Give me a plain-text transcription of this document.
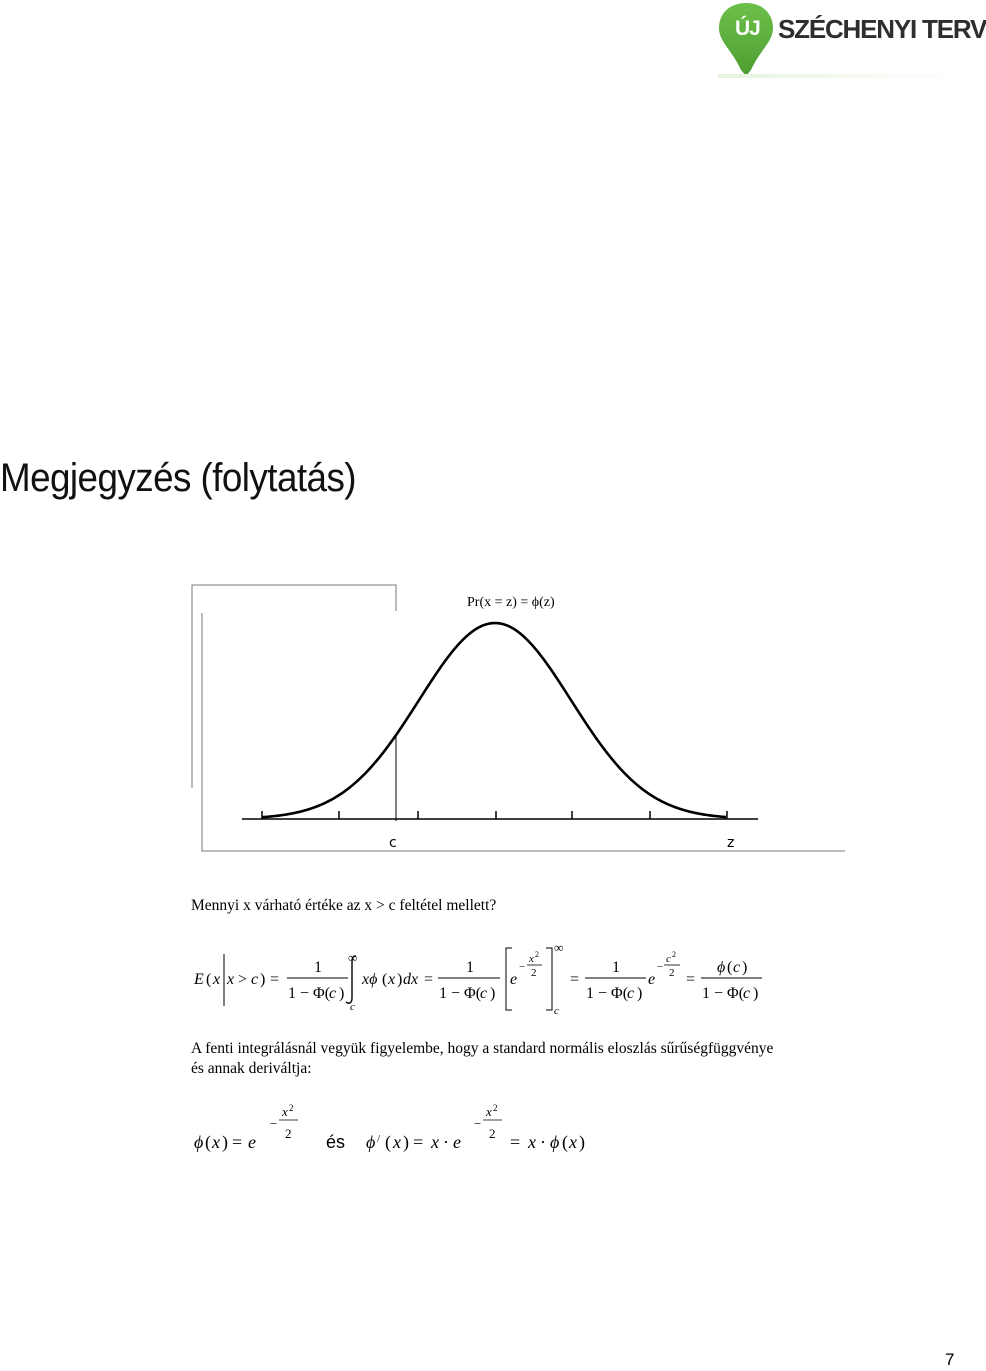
ÚJ SZÉCHENYI TERV
Megjegyzés (folytatás)
Pr(x = z) = ϕ(z)
c	z
Mennyi x várható értéke az x > c feltétel mellett?
E ( x x > c ) =
1
1 − Φ(
c )
∞
c
xϕ ( x ) dx =
1
1 − Φ(
c )
e
−
x 2
2
∞
c
=
1
1 − Φ(
c )
e
−
c 2
2 =
ϕ ( c )
1 − Φ(
c )
A fenti integrálásnál vegyük figyelembe, hogy a standard normális eloszlás sűrűségfüggvénye
és annak deriváltja:
ϕ ( x ) = e
−
x 2
2 és ϕ / ( x ) = x · e
−
x 2
2 = x · ϕ ( x )
7
